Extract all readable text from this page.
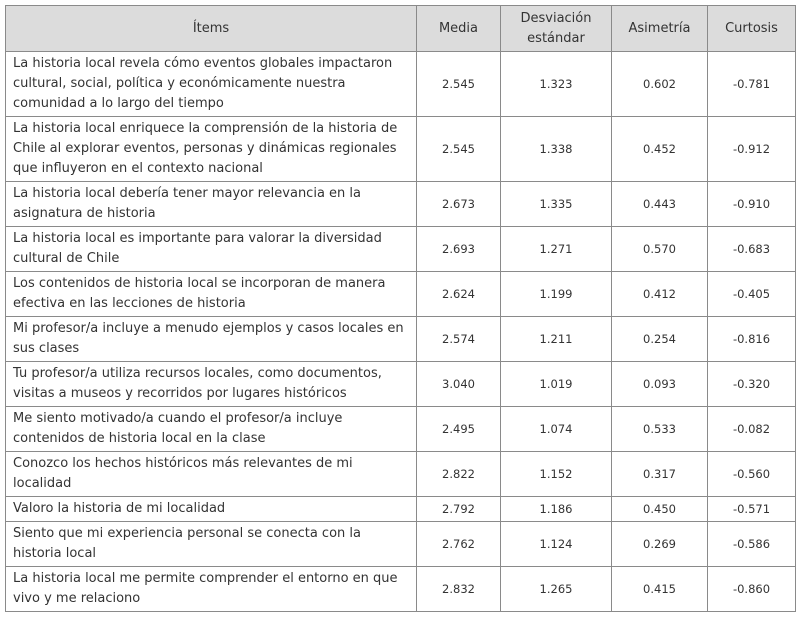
Ítems	Media	Desviación estándar	Asimetría	Curtosis
La historia local revela cómo eventos globales impactaron cultural, social, política y económicamente nuestra comunidad a lo largo del tiempo	2.545	1.323	0.602	-0.781
La historia local enriquece la comprensión de la historia de Chile al explorar eventos, personas y dinámicas regionales que influyeron en el contexto nacional	2.545	1.338	0.452	-0.912
La historia local debería tener mayor relevancia en la asignatura de historia	2.673	1.335	0.443	-0.910
La historia local es importante para valorar la diversidad cultural de Chile	2.693	1.271	0.570	-0.683
Los contenidos de historia local se incorporan de manera efectiva en las lecciones de historia	2.624	1.199	0.412	-0.405
Mi profesor/a incluye a menudo ejemplos y casos locales en sus clases	2.574	1.211	0.254	-0.816
Tu profesor/a utiliza recursos locales, como documentos, visitas a museos y recorridos por lugares históricos	3.040	1.019	0.093	-0.320
Me siento motivado/a cuando el profesor/a incluye contenidos de historia local en la clase	2.495	1.074	0.533	-0.082
Conozco los hechos históricos más relevantes de mi localidad	2.822	1.152	0.317	-0.560
Valoro la historia de mi localidad	2.792	1.186	0.450	-0.571
Siento que mi experiencia personal se conecta con la historia local	2.762	1.124	0.269	-0.586
La historia local me permite comprender el entorno en que vivo y me relaciono	2.832	1.265	0.415	-0.860
